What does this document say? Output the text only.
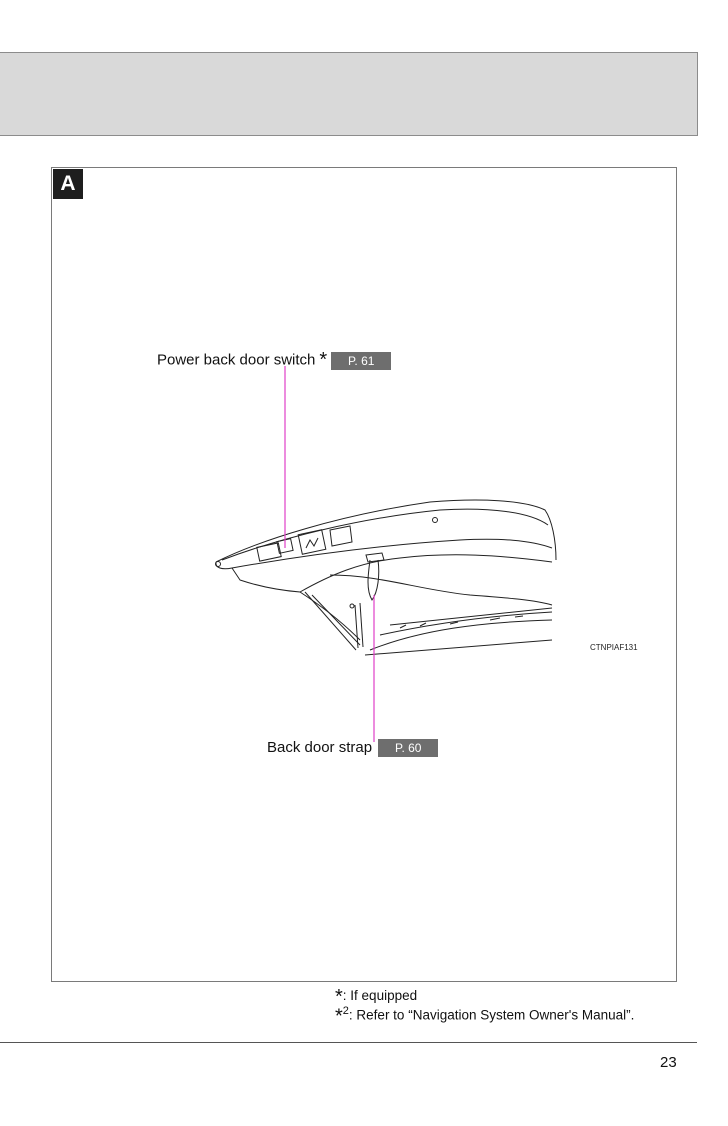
A
Power back door switch * P. 61
Back door strap P. 60
CTNPIAF131
*: If equipped
*$^2$: Refer to “Navigation System Owner's Manual”.
23
